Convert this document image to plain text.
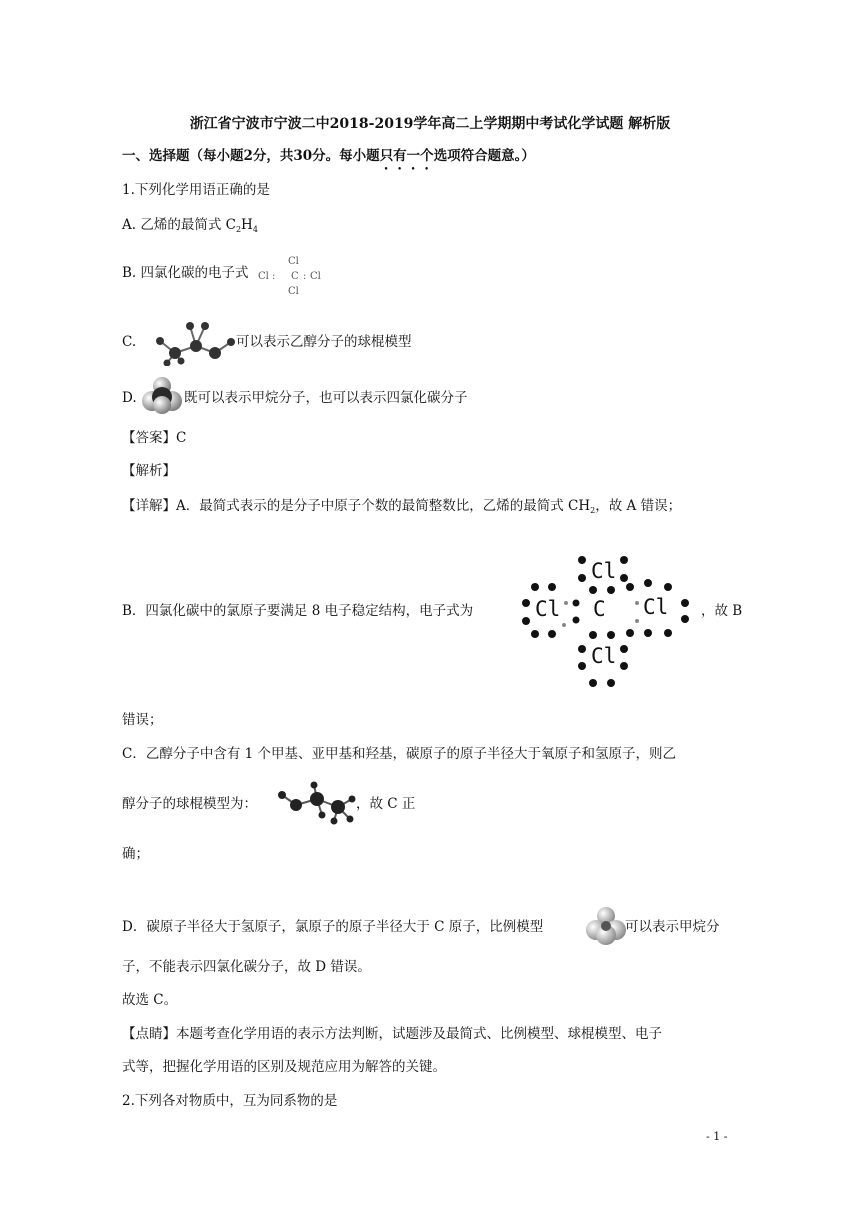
浙江省宁波市宁波二中2018-2019学年高二上学期期中考试化学试题 解析版
一、选择题（每小题2分，共30分。每小题只有一个选项符合题意。）
1.下列化学用语正确的是
A. 乙烯的最简式 $C_2H_4$
B. 四氯化碳的电子式
Cl
Cl : C : Cl
Cl
C.	可以表示乙醇分子的球棍模型
D.	既可以表示甲烷分子，也可以表示四氯化碳分子
【答案】C
【解析】
【详解】A．最简式表示的是分子中原子个数的最简整数比，乙烯的最简式 $CH_2$，故 A 错误；
B．四氯化碳中的氯原子要满足 8 电子稳定结构，电子式为
Cl
Cl C Cl
Cl
，故 B
错误；
C．乙醇分子中含有 1 个甲基、亚甲基和羟基，碳原子的原子半径大于氧原子和氢原子，则乙
醇分子的球棍模型为：	，故 C 正
确；
D．碳原子半径大于氢原子，氯原子的原子半径大于 C 原子，比例模型	可以表示甲烷分
子，不能表示四氯化碳分子，故 D 错误。
故选 C。
【点睛】本题考查化学用语的表示方法判断，试题涉及最简式、比例模型、球棍模型、电子
式等，把握化学用语的区别及规范应用为解答的关键。
2.下列各对物质中，互为同系物的是
- 1 -
